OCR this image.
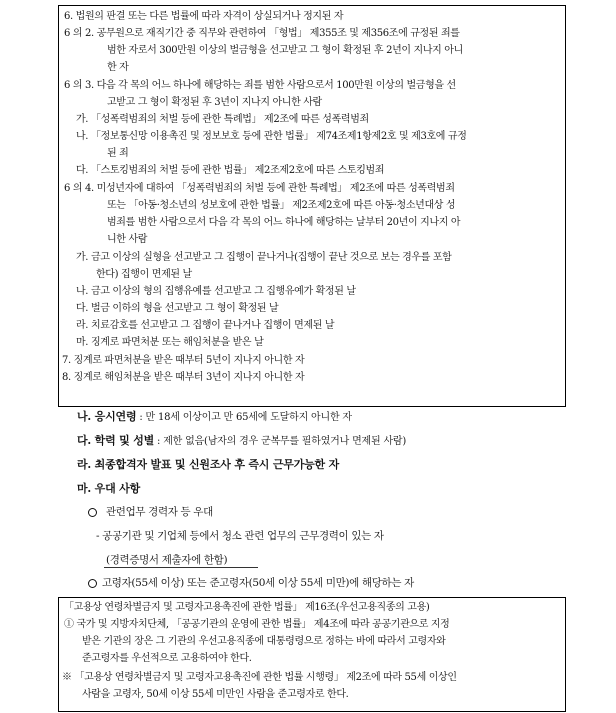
6. 법원의 판결 또는 다른 법률에 따라 자격이 상실되거나 정지된 자
6 의 2. 공무원으로 재직기간 중 직무와 관련하여 「형법」 제355조 및 제356조에 규정된 죄를
범한 자로서 300만원 이상의 벌금형을 선고받고 그 형이 확정된 후 2년이 지나지 아니
한 자
6 의 3. 다음 각 목의 어느 하나에 해당하는 죄를 범한 사람으로서 100만원 이상의 벌금형을 선
고받고 그 형이 확정된 후 3년이 지나지 아니한 사람
가. 「성폭력범죄의 처벌 등에 관한 특례법」 제2조에 따른 성폭력범죄
나. 「정보통신망 이용촉진 및 정보보호 등에 관한 법률」 제74조제1항제2호 및 제3호에 규정
된 죄
다. 「스토킹범죄의 처벌 등에 관한 법률」 제2조제2호에 따른 스토킹범죄
6 의 4. 미성년자에 대하여 「성폭력범죄의 처벌 등에 관한 특례법」 제2조에 따른 성폭력범죄
또는 「아동·청소년의 성보호에 관한 법률」 제2조제2호에 따른 아동·청소년대상 성
범죄를 범한 사람으로서 다음 각 목의 어느 하나에 해당하는 날부터 20년이 지나지 아
니한 사람
가. 금고 이상의 실형을 선고받고 그 집행이 끝나거나(집행이 끝난 것으로 보는 경우를 포함
한다) 집행이 면제된 날
나. 금고 이상의 형의 집행유예를 선고받고 그 집행유예가 확정된 날
다. 벌금 이하의 형을 선고받고 그 형이 확정된 날
라. 치료감호를 선고받고 그 집행이 끝나거나 집행이 면제된 날
마. 징계로 파면처분 또는 해임처분을 받은 날
7. 징계로 파면처분을 받은 때부터 5년이 지나지 아니한 자
8. 징계로 해임처분을 받은 때부터 3년이 지나지 아니한 자
나. 응시연령 : 만 18세 이상이고 만 65세에 도달하지 아니한 자
다. 학력 및 성별 : 제한 없음(남자의 경우 군복무를 필하였거나 면제된 사람)
라. 최종합격자 발표 및 신원조사 후 즉시 근무가능한 자
마. 우대 사항
관련업무 경력자 등 우대
- 공공기관 및 기업체 등에서 청소 관련 업무의 근무경력이 있는 자
(경력증명서 제출자에 한함)
고령자(55세 이상) 또는 준고령자(50세 이상 55세 미만)에 해당하는 자
「고용상 연령차별금지 및 고령자고용촉진에 관한 법률」 제16조(우선고용직종의 고용)
① 국가 및 지방자치단체, 「공공기관의 운영에 관한 법률」 제4조에 따라 공공기관으로 지정
받은 기관의 장은 그 기관의 우선고용직종에 대통령령으로 정하는 바에 따라서 고령자와
준고령자를 우선적으로 고용하여야 한다.
※ 「고용상 연령차별금지 및 고령자고용촉진에 관한 법률 시행령」 제2조에 따라 55세 이상인
사람을 고령자, 50세 이상 55세 미만인 사람을 준고령자로 한다.
